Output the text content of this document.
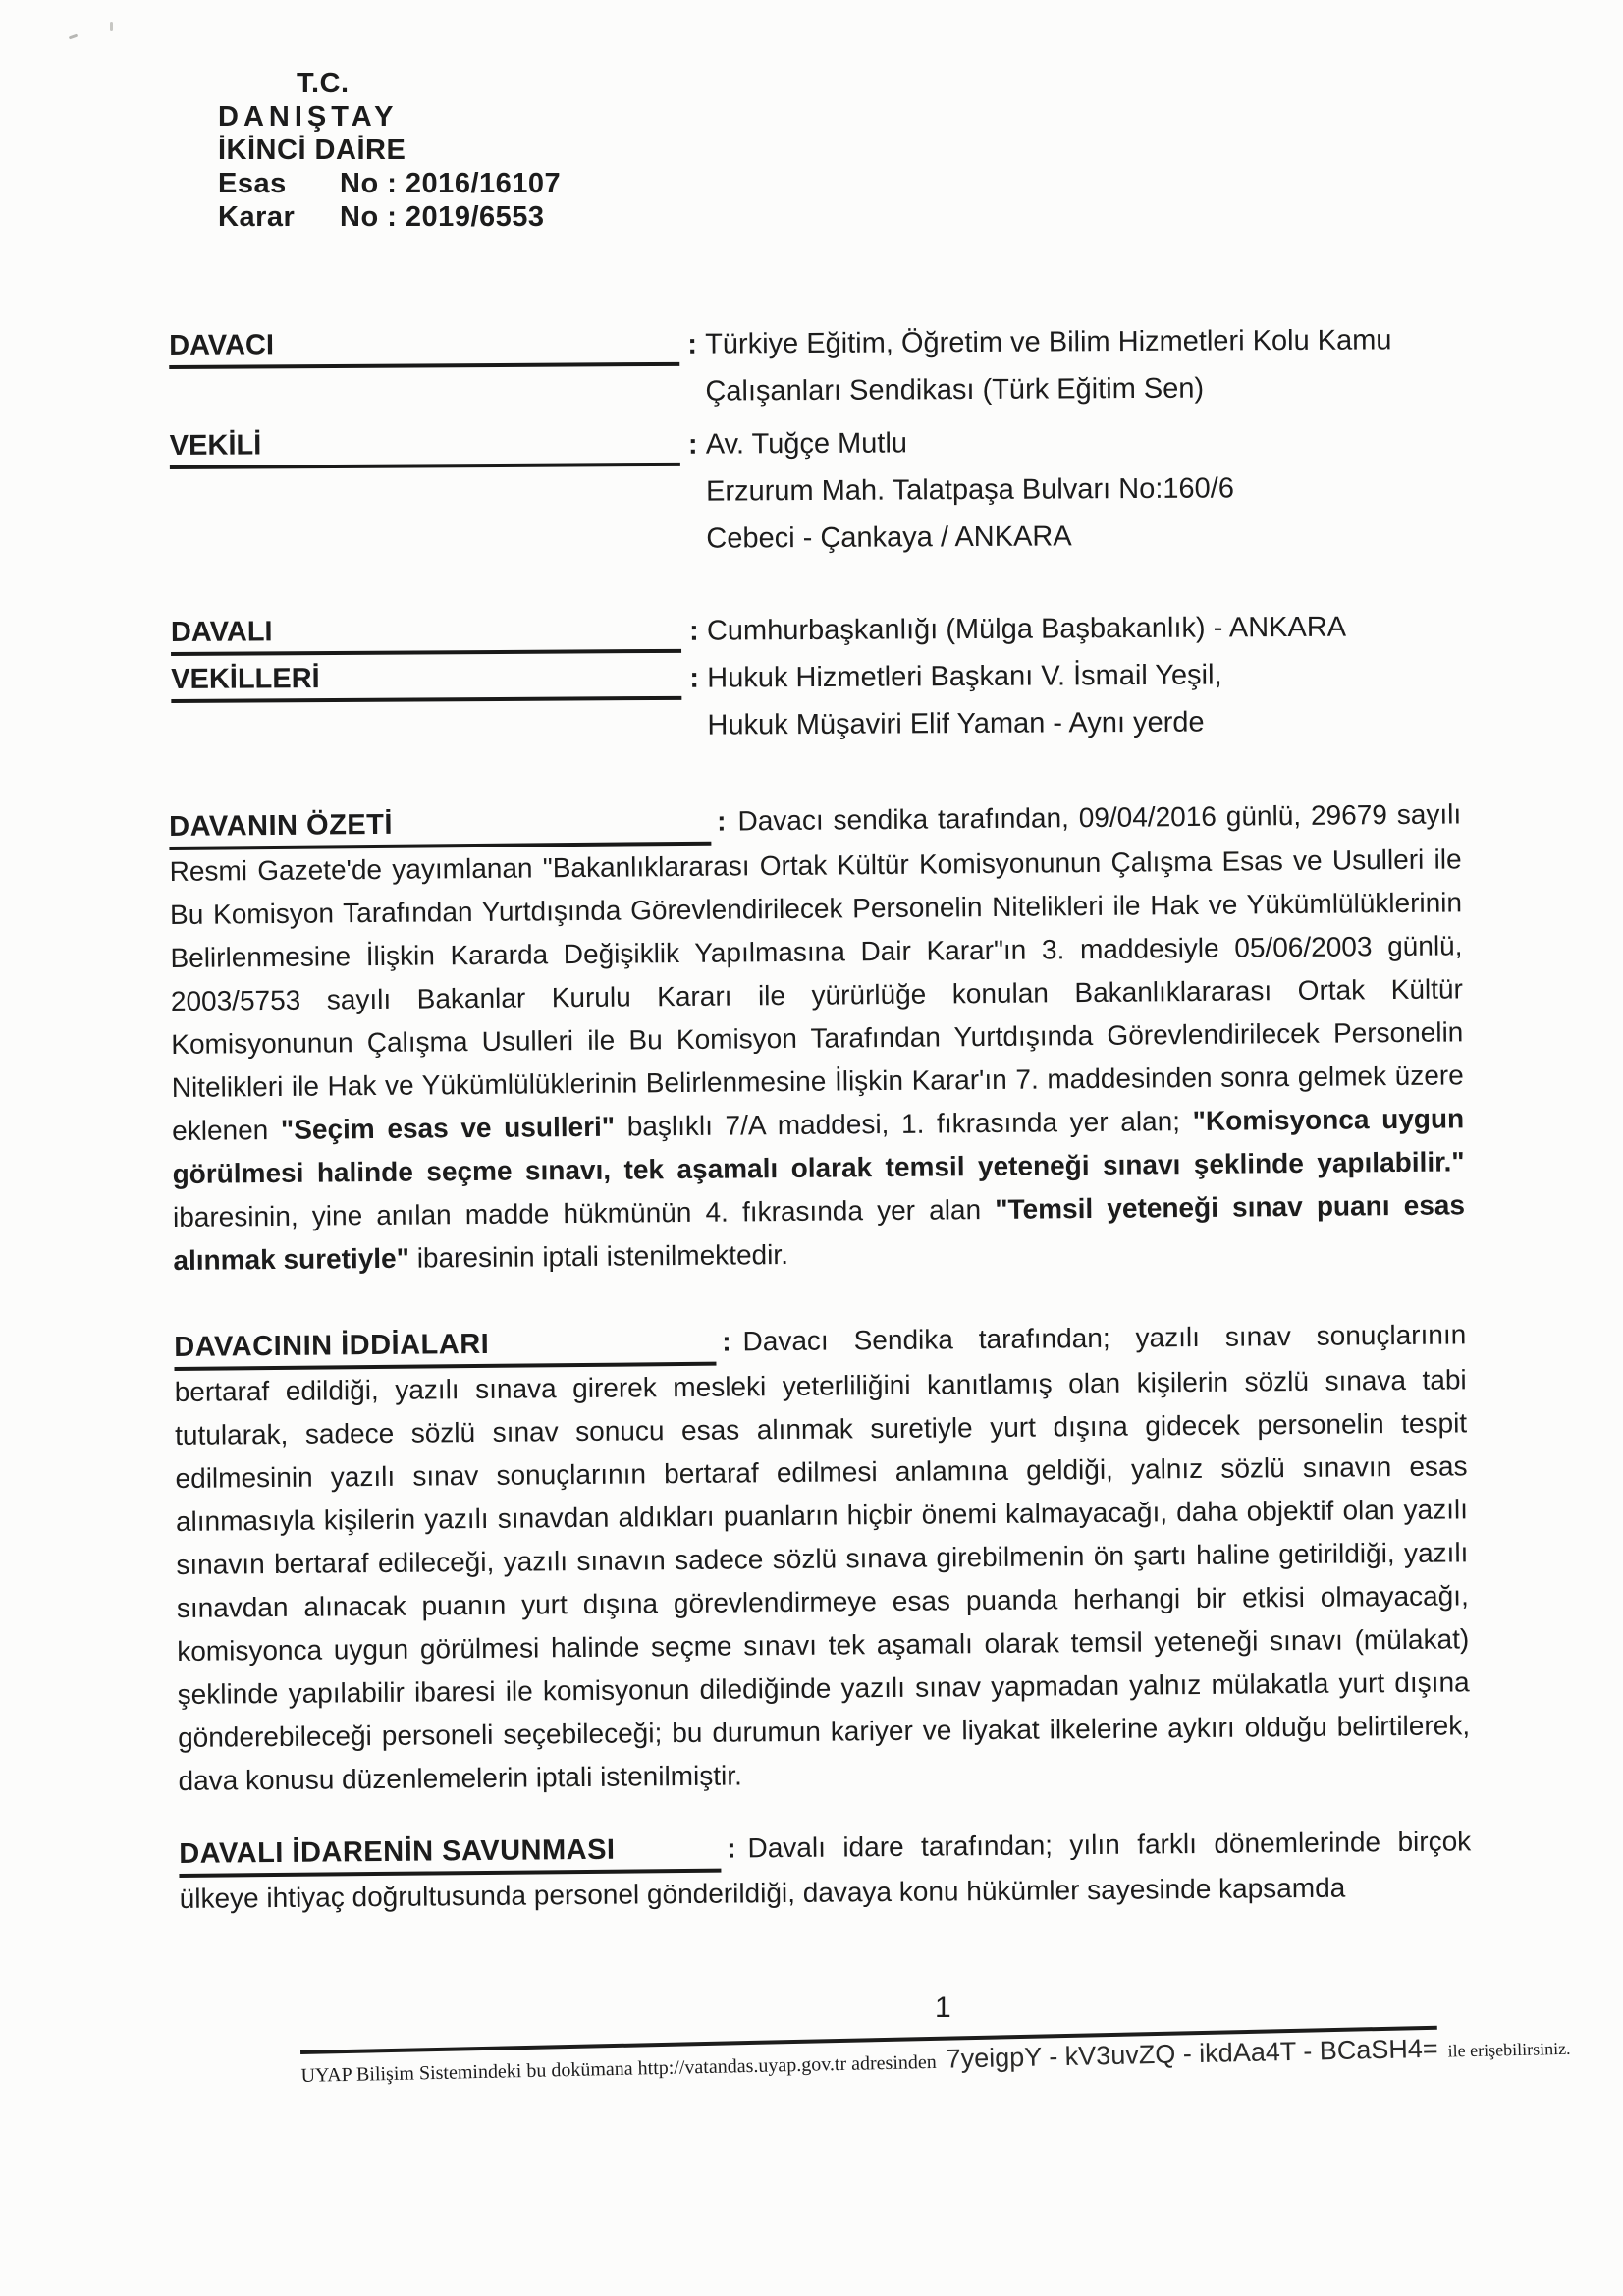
T.C.
DANIŞTAY
İKİNCİ DAİRE
Esas	No : 2016/16107
Karar	No : 2019/6553
DAVACI	: Türkiye Eğitim, Öğretim ve Bilim Hizmetleri Kolu Kamu
Çalışanları Sendikası (Türk Eğitim Sen)
VEKİLİ	: Av. Tuğçe Mutlu
Erzurum Mah. Talatpaşa Bulvarı No:160/6
Cebeci - Çankaya / ANKARA
DAVALI	: Cumhurbaşkanlığı (Mülga Başbakanlık) - ANKARA
VEKİLLERİ	: Hukuk Hizmetleri Başkanı V. İsmail Yeşil,
Hukuk Müşaviri Elif Yaman - Aynı yerde
DAVANIN ÖZETİ	: Davacı sendika tarafından, 09/04/2016 günlü, 29679 sayılı Resmi Gazete'de yayımlanan "Bakanlıklararası Ortak Kültür Komisyonunun Çalışma Esas ve Usulleri ile Bu Komisyon Tarafından Yurtdışında Görevlendirilecek Personelin Nitelikleri ile Hak ve Yükümlülüklerinin Belirlenmesine İlişkin Kararda Değişiklik Yapılmasına Dair Karar"ın 3. maddesiyle 05/06/2003 günlü, 2003/5753 sayılı Bakanlar Kurulu Kararı ile yürürlüğe konulan Bakanlıklararası Ortak Kültür Komisyonunun Çalışma Usulleri ile Bu Komisyon Tarafından Yurtdışında Görevlendirilecek Personelin Nitelikleri ile Hak ve Yükümlülüklerinin Belirlenmesine İlişkin Karar'ın 7. maddesinden sonra gelmek üzere eklenen "Seçim esas ve usulleri" başlıklı 7/A maddesi, 1. fıkrasında yer alan; "Komisyonca uygun görülmesi halinde seçme sınavı, tek aşamalı olarak temsil yeteneği sınavı şeklinde yapılabilir." ibaresinin, yine anılan madde hükmünün 4. fıkrasında yer alan "Temsil yeteneği sınav puanı esas alınmak suretiyle" ibaresinin iptali istenilmektedir.
DAVACININ İDDİALARI	: Davacı Sendika tarafından; yazılı sınav sonuçlarının bertaraf edildiği, yazılı sınava girerek mesleki yeterliliğini kanıtlamış olan kişilerin sözlü sınava tabi tutularak, sadece sözlü sınav sonucu esas alınmak suretiyle yurt dışına gidecek personelin tespit edilmesinin yazılı sınav sonuçlarının bertaraf edilmesi anlamına geldiği, yalnız sözlü sınavın esas alınmasıyla kişilerin yazılı sınavdan aldıkları puanların hiçbir önemi kalmayacağı, daha objektif olan yazılı sınavın bertaraf edileceği, yazılı sınavın sadece sözlü sınava girebilmenin ön şartı haline getirildiği, yazılı sınavdan alınacak puanın yurt dışına görevlendirmeye esas puanda herhangi bir etkisi olmayacağı, komisyonca uygun görülmesi halinde seçme sınavı tek aşamalı olarak temsil yeteneği sınavı (mülakat) şeklinde yapılabilir ibaresi ile komisyonun dilediğinde yazılı sınav yapmadan yalnız mülakatla yurt dışına gönderebileceği personeli seçebileceği; bu durumun kariyer ve liyakat ilkelerine aykırı olduğu belirtilerek, dava konusu düzenlemelerin iptali istenilmiştir.
DAVALI İDARENİN SAVUNMASI	: Davalı idare tarafından; yılın farklı dönemlerinde birçok ülkeye ihtiyaç doğrultusunda personel gönderildiği, davaya konu hükümler sayesinde kapsamda
1
UYAP Bilişim Sistemindeki bu dokümana http://vatandas.uyap.gov.tr adresinden 7yeigpY - kV3uvZQ - ikdAa4T - BCaSH4= ile erişebilirsiniz.
